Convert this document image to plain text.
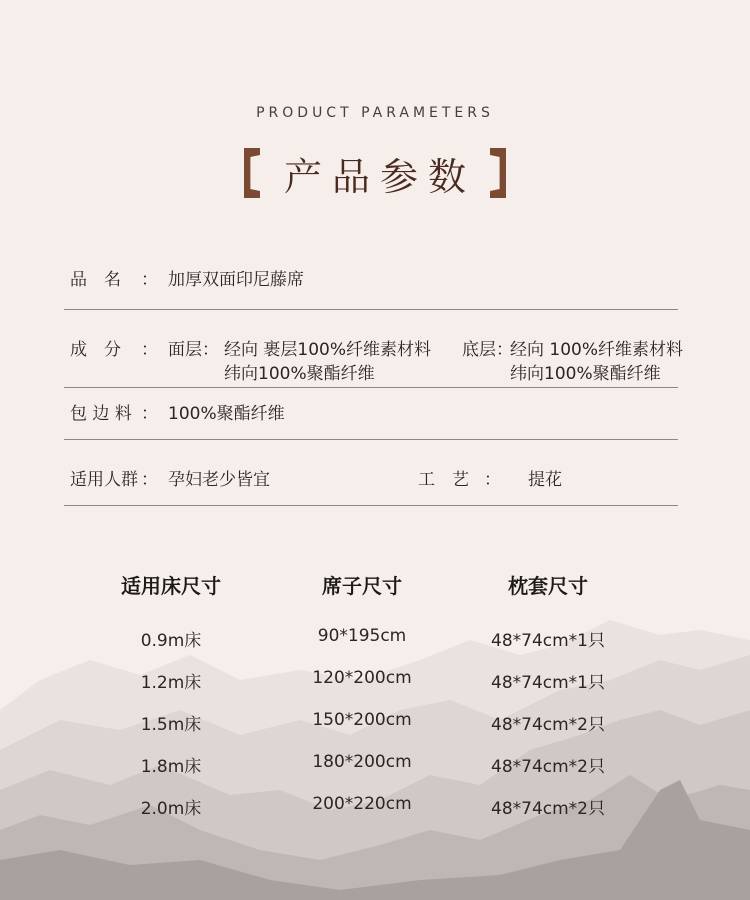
PRODUCT PARAMETERS
产品参数
品　名 ： 加厚双面印尼藤席
成　分 ： 面层： 经向 裹层100%纤维素材料
纬向100%聚酯纤维
底层：
经向 100%纤维素材料
纬向100%聚酯纤维
包 边 料 ： 100%聚酯纤维
适用人群 ： 孕妇老少皆宜	工　艺 ： 提花
适用床尺寸	席子尺寸	枕套尺寸
0.9m床	90*195cm	48*74cm*1只
1.2m床	120*200cm	48*74cm*1只
1.5m床	150*200cm	48*74cm*2只
1.8m床	180*200cm	48*74cm*2只
2.0m床	200*220cm	48*74cm*2只
